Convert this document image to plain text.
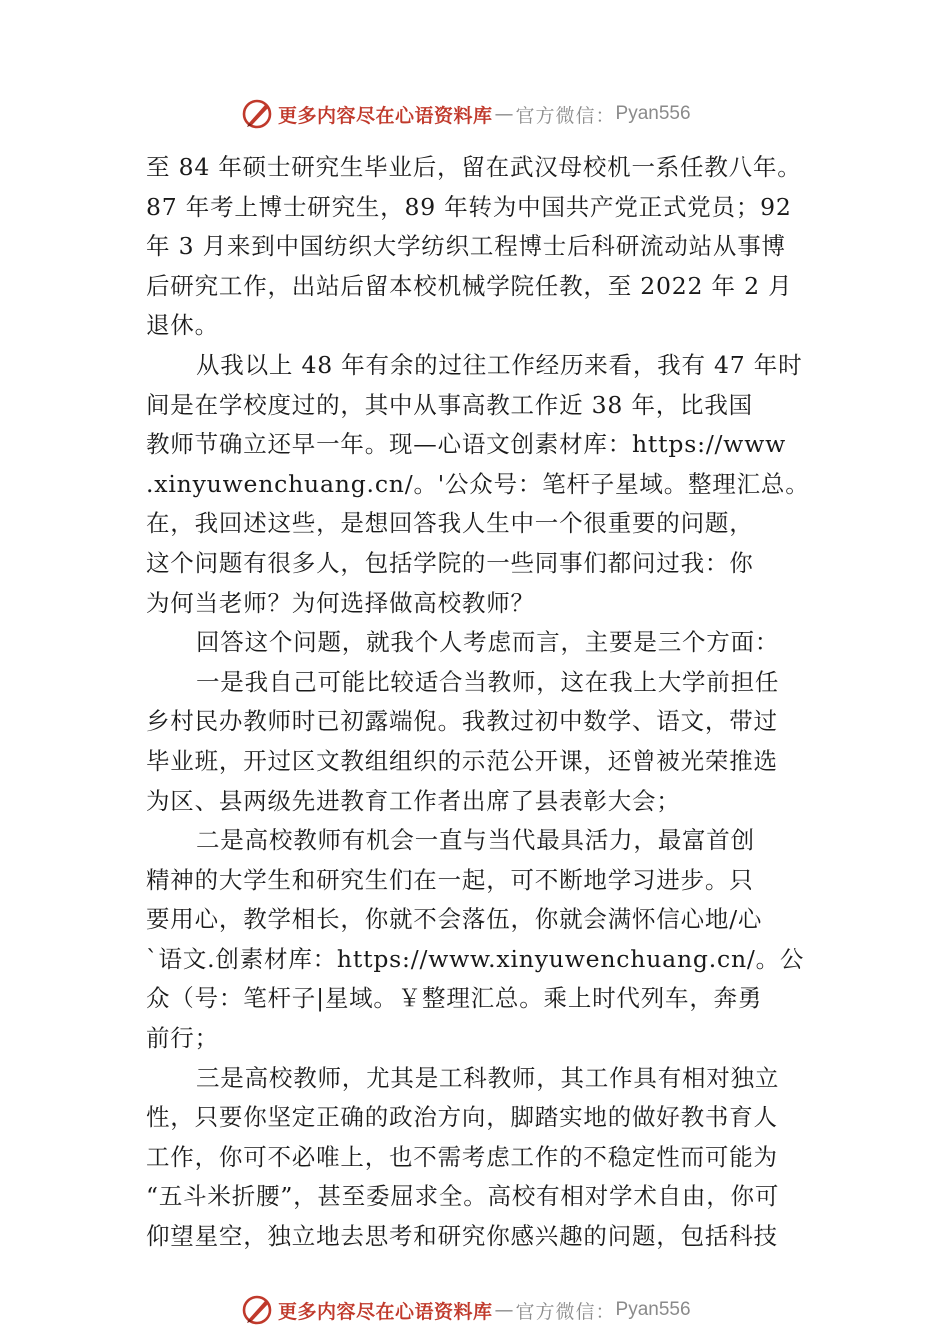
更多内容尽在心语资料库 — 官方微信： Pyan556
至 84 年硕士研究生毕业后，留在武汉母校机一系任教八年。
87 年考上博士研究生，89 年转为中国共产党正式党员；92
年 3 月来到中国纺织大学纺织工程博士后科研流动站从事博
后研究工作，出站后留本校机械学院任教，至 2022 年 2 月
退休。
从我以上 48 年有余的过往工作经历来看，我有 47 年时
间是在学校度过的，其中从事高教工作近 38 年，比我国
教师节确立还早一年。现—心语文创素材库：https://www
.xinyuwenchuang.cn/。'公众号：笔杆子星域。整理汇总。
在，我回述这些，是想回答我人生中一个很重要的问题，
这个问题有很多人，包括学院的一些同事们都问过我：你
为何当老师？为何选择做高校教师？
回答这个问题，就我个人考虑而言，主要是三个方面：
一是我自己可能比较适合当教师，这在我上大学前担任
乡村民办教师时已初露端倪。我教过初中数学、语文，带过
毕业班，开过区文教组组织的示范公开课，还曾被光荣推选
为区、县两级先进教育工作者出席了县表彰大会；
二是高校教师有机会一直与当代最具活力，最富首创
精神的大学生和研究生们在一起，可不断地学习进步。只
要用心，教学相长，你就不会落伍，你就会满怀信心地/心
`语文.创素材库：https://www.xinyuwenchuang.cn/。公
众（号：笔杆子|星域。￥整理汇总。乘上时代列车，奔勇
前行；
三是高校教师，尤其是工科教师，其工作具有相对独立
性，只要你坚定正确的政治方向，脚踏实地的做好教书育人
工作，你可不必唯上，也不需考虑工作的不稳定性而可能为
“五斗米折腰”，甚至委屈求全。高校有相对学术自由，你可
仰望星空，独立地去思考和研究你感兴趣的问题，包括科技
更多内容尽在心语资料库 — 官方微信： Pyan556
